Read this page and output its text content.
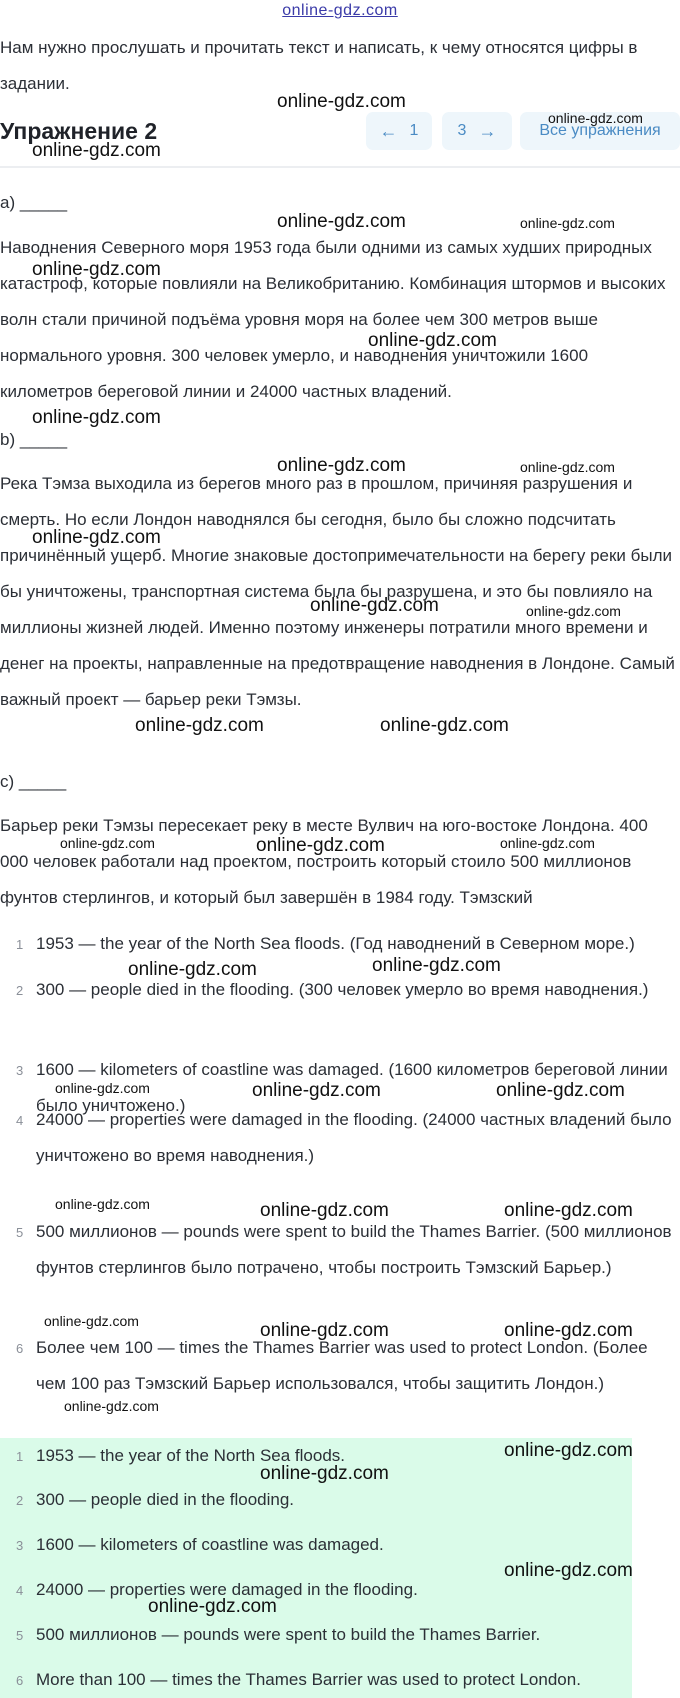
online-gdz.com
Нам нужно прослушать и прочитать текст и написать, к чему относятся цифры в задании.
Упражнение 2	← 1 3 →	Все упражнения
a) _____
Наводнения Северного моря 1953 года были одними из самых худших природных катастроф, которые повлияли на Великобританию. Комбинация штормов и высоких волн стали причиной подъёма уровня моря на более чем 300 метров выше нормального уровня. 300 человек умерло, и наводнения уничтожили 1600 километров береговой линии и 24000 частных владений.
b) _____
Река Тэмза выходила из берегов много раз в прошлом, причиняя разрушения и смерть. Но если Лондон наводнялся бы сегодня, было бы сложно подсчитать причинённый ущерб. Многие знаковые достопримечательности на берегу реки были бы уничтожены, транспортная система была бы разрушена, и это бы повлияло на миллионы жизней людей. Именно поэтому инженеры потратили много времени и денег на проекты, направленные на предотвращение наводнения в Лондоне. Самый важный проект — барьер реки Тэмзы.
c) _____
Барьер реки Тэмзы пересекает реку в месте Вулвич на юго-востоке Лондона. 400 000 человек работали над проектом, построить который стоило 500 миллионов фунтов стерлингов, и который был завершён в 1984 году. Тэмзский
1 1953 — the year of the North Sea floods. (Год наводнений в Северном море.)
2 300 — people died in the flooding. (300 человек умерло во время наводнения.)
3 1600 — kilometers of coastline was damaged. (1600 километров береговой линии было уничтожено.)
4 24000 — properties were damaged in the flooding. (24000 частных владений было уничтожено во время наводнения.)
5 500 миллионов — pounds were spent to build the Thames Barrier. (500 миллионов фунтов стерлингов было потрачено, чтобы построить Тэмзский Барьер.)
6 Более чем 100 — times the Thames Barrier was used to protect London. (Более чем 100 раз Тэмзский Барьер использовался, чтобы защитить Лондон.)
1 1953 — the year of the North Sea floods.
2 300 — people died in the flooding.
3 1600 — kilometers of coastline was damaged.
4 24000 — properties were damaged in the flooding.
5 500 миллионов — pounds were spent to build the Thames Barrier.
6 More than 100 — times the Thames Barrier was used to protect London.
online-gdz.com
online-gdz.com
online-gdz.com
online-gdz.com	online-gdz.com
online-gdz.com
online-gdz.com
online-gdz.com
online-gdz.com	online-gdz.com
online-gdz.com
online-gdz.com	online-gdz.com
online-gdz.com	online-gdz.com
online-gdz.com	online-gdz.com	online-gdz.com
online-gdz.com	online-gdz.com
online-gdz.com	online-gdz.com	online-gdz.com
online-gdz.com	online-gdz.com	online-gdz.com
online-gdz.com	online-gdz.com	online-gdz.com
online-gdz.com
online-gdz.com
online-gdz.com
online-gdz.com
online-gdz.com
